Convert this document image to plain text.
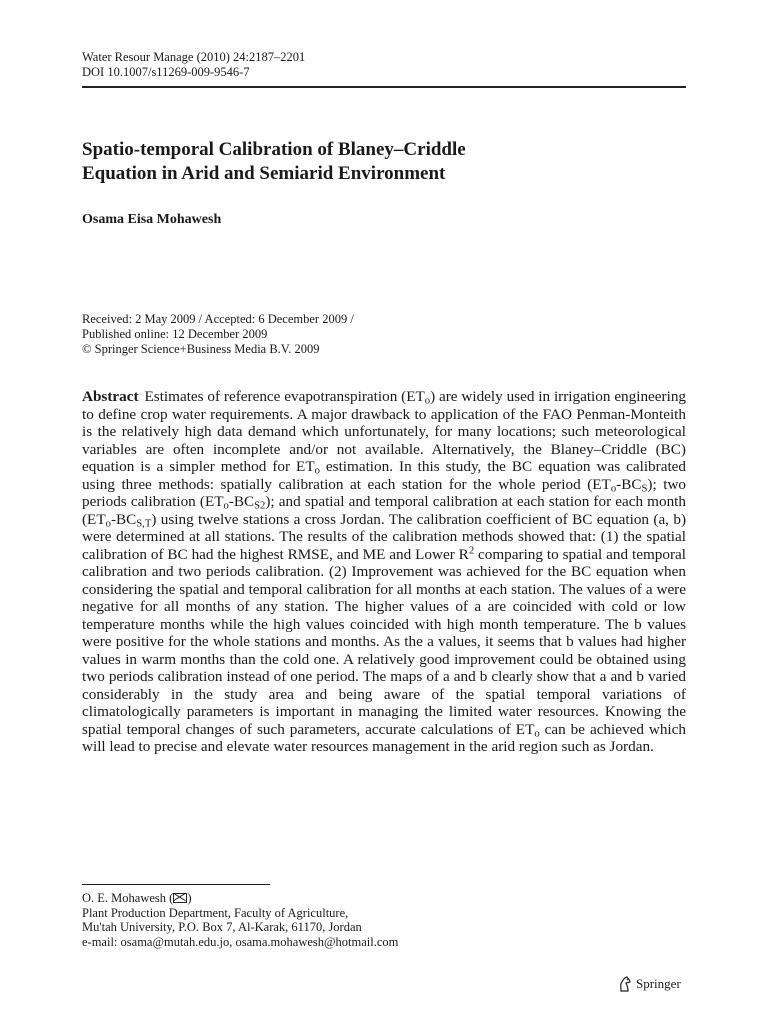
Water Resour Manage (2010) 24:2187–2201
DOI 10.1007/s11269-009-9546-7
Spatio-temporal Calibration of Blaney–Criddle
Equation in Arid and Semiarid Environment
Osama Eisa Mohawesh
Received: 2 May 2009 / Accepted: 6 December 2009 /
Published online: 12 December 2009
© Springer Science+Business Media B.V. 2009
Abstract Estimates of reference evapotranspiration $(ET_o)$ are widely used in irrigation engineering to define crop water requirements. A major drawback to application of the FAO Penman-Monteith is the relatively high data demand which unfortunately, for many locations; such meteorological variables are often incomplete and/or not available. Alternatively, the Blaney–Criddle (BC) equation is a simpler method for $ET_o$ estimation. In this study, the BC equation was calibrated using three methods: spatially calibration at each station for the whole period $(ET_o-BC_S)$; two periods calibration $(ET_o-BC_{S2})$; and spatial and temporal calibration at each station for each month $(ET_o-BC_{S,T})$ using twelve stations a cross Jordan. The calibration coefficient of BC equation (a, b) were determined at all stations. The results of the calibration methods showed that: (1) the spatial calibration of BC had the highest RMSE, and ME and Lower $R^2$ comparing to spatial and temporal calibration and two periods calibration. (2) Improvement was achieved for the BC equation when considering the spatial and temporal calibration for all months at each station. The values of a were negative for all months of any station. The higher values of a are coincided with cold or low temperature months while the high values coincided with high month temperature. The b values were positive for the whole stations and months. As the a values, it seems that b values had higher values in warm months than the cold one. A relatively good improvement could be obtained using two periods calibration instead of one period. The maps of a and b clearly show that a and b varied considerably in the study area and being aware of the spatial temporal variations of climatologically parameters is important in managing the limited water resources. Knowing the spatial temporal changes of such parameters, accurate calculations of $ET_o$ can be achieved which will lead to precise and elevate water resources management in the arid region such as Jordan.
O. E. Mohawesh ( )
Plant Production Department, Faculty of Agriculture,
Mu'tah University, P.O. Box 7, Al-Karak, 61170, Jordan
e-mail: osama@mutah.edu.jo, osama.mohawesh@hotmail.com
Springer
